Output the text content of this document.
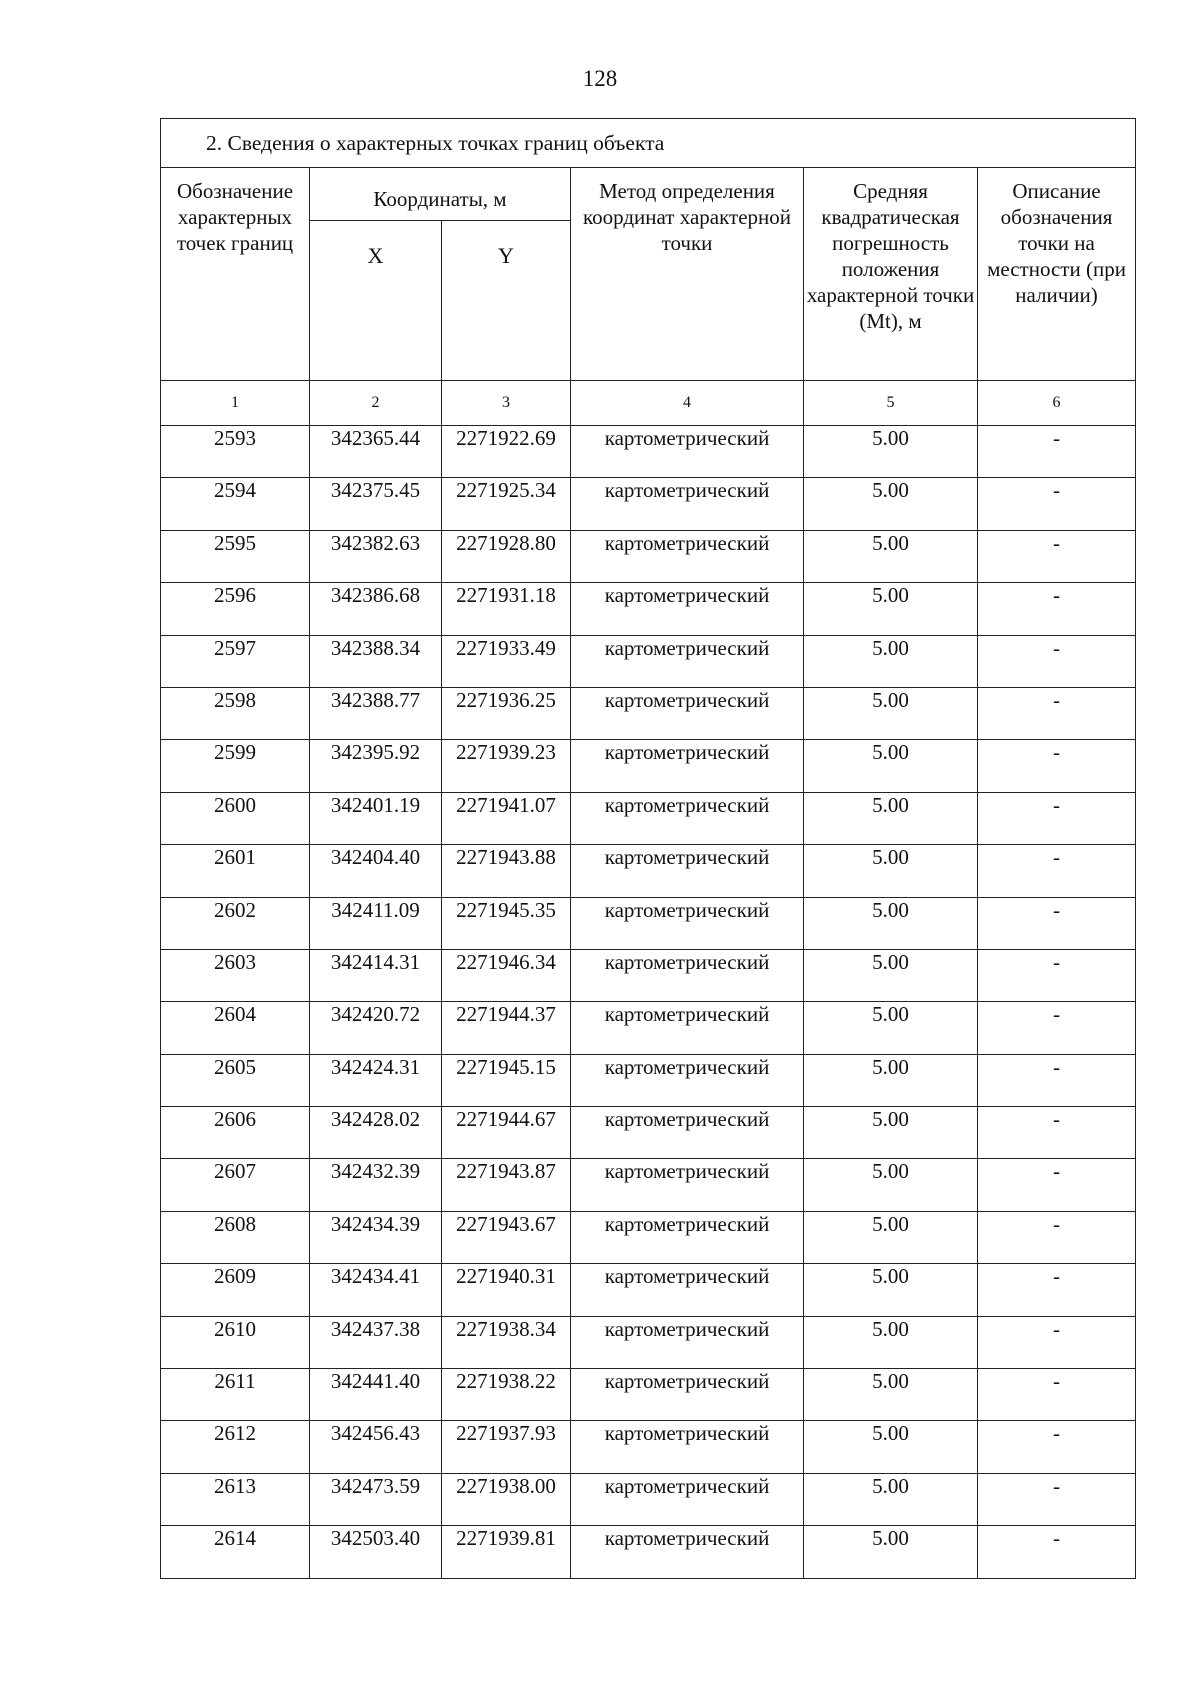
128
2. Сведения о характерных точках границ объекта					
Обозначение характерных точек границ	Координаты, м		Метод определения координат характерной точки	Средняя квадратическая погрешность положения характерной точки (Mt), м	Описание обозначения точки на местности (при наличии)
	X	Y			
1	2	3	4	5	6
2593	342365.44	2271922.69	картометрический	5.00	-
2594	342375.45	2271925.34	картометрический	5.00	-
2595	342382.63	2271928.80	картометрический	5.00	-
2596	342386.68	2271931.18	картометрический	5.00	-
2597	342388.34	2271933.49	картометрический	5.00	-
2598	342388.77	2271936.25	картометрический	5.00	-
2599	342395.92	2271939.23	картометрический	5.00	-
2600	342401.19	2271941.07	картометрический	5.00	-
2601	342404.40	2271943.88	картометрический	5.00	-
2602	342411.09	2271945.35	картометрический	5.00	-
2603	342414.31	2271946.34	картометрический	5.00	-
2604	342420.72	2271944.37	картометрический	5.00	-
2605	342424.31	2271945.15	картометрический	5.00	-
2606	342428.02	2271944.67	картометрический	5.00	-
2607	342432.39	2271943.87	картометрический	5.00	-
2608	342434.39	2271943.67	картометрический	5.00	-
2609	342434.41	2271940.31	картометрический	5.00	-
2610	342437.38	2271938.34	картометрический	5.00	-
2611	342441.40	2271938.22	картометрический	5.00	-
2612	342456.43	2271937.93	картометрический	5.00	-
2613	342473.59	2271938.00	картометрический	5.00	-
2614	342503.40	2271939.81	картометрический	5.00	-
